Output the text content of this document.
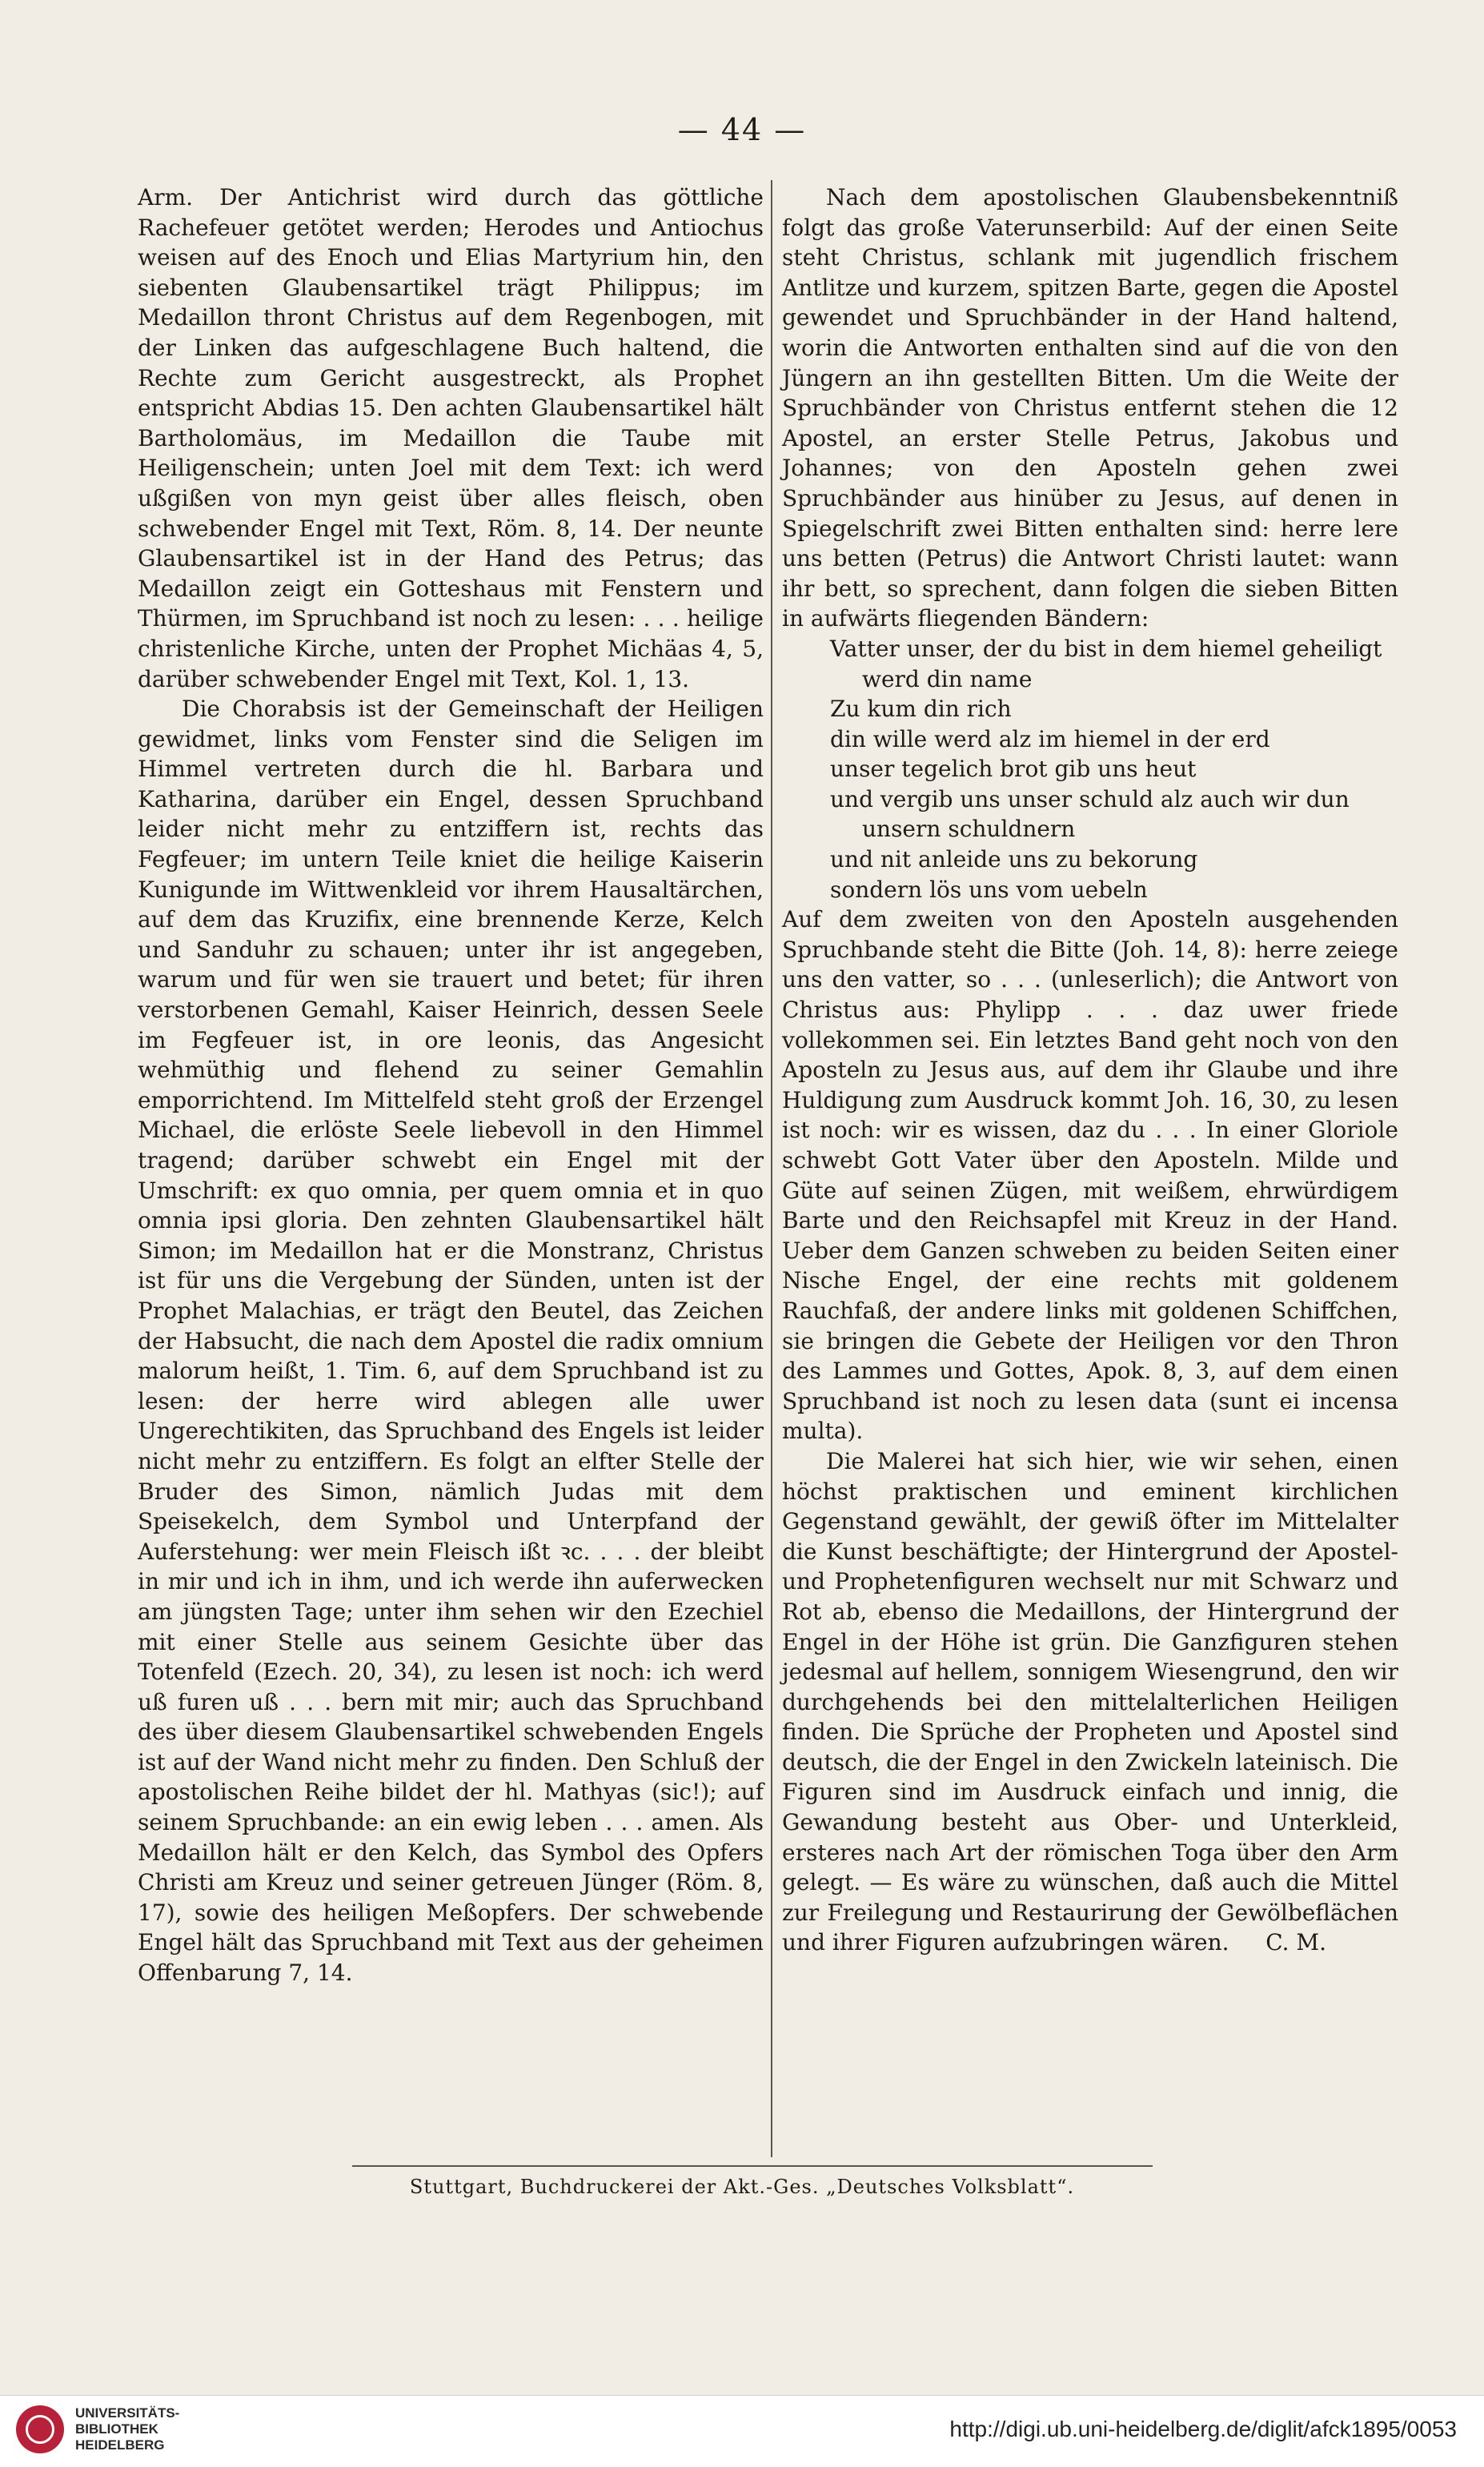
— 44 —

Arm. Der Antichrist wird durch das göttliche Rachefeuer getötet werden; Herodes und Antiochus weisen auf des Enoch und Elias Martyrium hin, den siebenten Glaubensartikel trägt Philippus; im Medaillon thront Christus auf dem Regenbogen, mit der Linken das aufgeschlagene Buch haltend, die Rechte zum Gericht ausgestreckt, als Prophet entspricht Abdias 15. Den achten Glaubensartikel hält Bartholomäus, im Medaillon die Taube mit Heiligenschein; unten Joel mit dem Text: ich werd ußgißen von myn geist über alles fleisch, oben schwebender Engel mit Text, Röm. 8, 14. Der neunte Glaubensartikel ist in der Hand des Petrus; das Medaillon zeigt ein Gotteshaus mit Fenstern und Thürmen, im Spruchband ist noch zu lesen: . . . heilige christenliche Kirche, unten der Prophet Michäas 4, 5, darüber schwebender Engel mit Text, Kol. 1, 13.

Die Chorabsis ist der Gemeinschaft der Heiligen gewidmet, links vom Fenster sind die Seligen im Himmel vertreten durch die hl. Barbara und Katharina, darüber ein Engel, dessen Spruchband leider nicht mehr zu entziffern ist, rechts das Fegfeuer; im untern Teile kniet die heilige Kaiserin Kunigunde im Wittwenkleid vor ihrem Hausaltärchen, auf dem das Kruzifix, eine brennende Kerze, Kelch und Sanduhr zu schauen; unter ihr ist angegeben, warum und für wen sie trauert und betet; für ihren verstorbenen Gemahl, Kaiser Heinrich, dessen Seele im Fegfeuer ist, in ore leonis, das Angesicht wehmüthig und flehend zu seiner Gemahlin emporrichtend. Im Mittelfeld steht groß der Erzengel Michael, die erlöste Seele liebevoll in den Himmel tragend; darüber schwebt ein Engel mit der Umschrift: ex quo omnia, per quem omnia et in quo omnia ipsi gloria. Den zehnten Glaubensartikel hält Simon; im Medaillon hat er die Monstranz, Christus ist für uns die Vergebung der Sünden, unten ist der Prophet Malachias, er trägt den Beutel, das Zeichen der Habsucht, die nach dem Apostel die radix omnium malorum heißt, 1. Tim. 6, auf dem Spruchband ist zu lesen: der herre wird ablegen alle uwer Ungerechtikiten, das Spruchband des Engels ist leider nicht mehr zu entziffern. Es folgt an elfter Stelle der Bruder des Simon, nämlich Judas mit dem Speisekelch, dem Symbol und Unterpfand der Auferstehung: wer mein Fleisch ißt ꝛc. . . . der bleibt in mir und ich in ihm, und ich werde ihn auferwecken am jüngsten Tage; unter ihm sehen wir den Ezechiel mit einer Stelle aus seinem Gesichte über das Totenfeld (Ezech. 20, 34), zu lesen ist noch: ich werd uß furen uß . . . bern mit mir; auch das Spruchband des über diesem Glaubensartikel schwebenden Engels ist auf der Wand nicht mehr zu finden. Den Schluß der apostolischen Reihe bildet der hl. Mathyas (sic!); auf seinem Spruchbande: an ein ewig leben . . . amen. Als Medaillon hält er den Kelch, das Symbol des Opfers Christi am Kreuz und seiner getreuen Jünger (Röm. 8, 17), sowie des heiligen Meßopfers. Der schwebende Engel hält das Spruchband mit Text aus der geheimen Offenbarung 7, 14.

Nach dem apostolischen Glaubensbekenntniß folgt das große Vaterunserbild: Auf der einen Seite steht Christus, schlank mit jugendlich frischem Antlitze und kurzem, spitzen Barte, gegen die Apostel gewendet und Spruchbänder in der Hand haltend, worin die Antworten enthalten sind auf die von den Jüngern an ihn gestellten Bitten. Um die Weite der Spruchbänder von Christus entfernt stehen die 12 Apostel, an erster Stelle Petrus, Jakobus und Johannes; von den Aposteln gehen zwei Spruchbänder aus hinüber zu Jesus, auf denen in Spiegelschrift zwei Bitten enthalten sind: herre lere uns betten (Petrus) die Antwort Christi lautet: wann ihr bett, so sprechent, dann folgen die sieben Bitten in aufwärts fliegenden Bändern:

Vatter unser, der du bist in dem hiemel geheiligt werd din name
Zu kum din rich
din wille werd alz im hiemel in der erd
unser tegelich brot gib uns heut
und vergib uns unser schuld alz auch wir dun unsern schuldnern
und nit anleide uns zu bekorung
sondern lös uns vom uebeln

Auf dem zweiten von den Aposteln ausgehenden Spruchbande steht die Bitte (Joh. 14, 8): herre zeiege uns den vatter, so . . . (unleserlich); die Antwort von Christus aus: Phylipp . . . daz uwer friede vollekommen sei. Ein letztes Band geht noch von den Aposteln zu Jesus aus, auf dem ihr Glaube und ihre Huldigung zum Ausdruck kommt Joh. 16, 30, zu lesen ist noch: wir es wissen, daz du . . . In einer Gloriole schwebt Gott Vater über den Aposteln. Milde und Güte auf seinen Zügen, mit weißem, ehrwürdigem Barte und den Reichsapfel mit Kreuz in der Hand. Ueber dem Ganzen schweben zu beiden Seiten einer Nische Engel, der eine rechts mit goldenem Rauchfaß, der andere links mit goldenen Schiffchen, sie bringen die Gebete der Heiligen vor den Thron des Lammes und Gottes, Apok. 8, 3, auf dem einen Spruchband ist noch zu lesen data (sunt ei incensa multa).

Die Malerei hat sich hier, wie wir sehen, einen höchst praktischen und eminent kirchlichen Gegenstand gewählt, der gewiß öfter im Mittelalter die Kunst beschäftigte; der Hintergrund der Apostel- und Prophetenfiguren wechselt nur mit Schwarz und Rot ab, ebenso die Medaillons, der Hintergrund der Engel in der Höhe ist grün. Die Ganzfiguren stehen jedesmal auf hellem, sonnigem Wiesengrund, den wir durchgehends bei den mittelalterlichen Heiligen finden. Die Sprüche der Propheten und Apostel sind deutsch, die der Engel in den Zwickeln lateinisch. Die Figuren sind im Ausdruck einfach und innig, die Gewandung besteht aus Ober- und Unterkleid, ersteres nach Art der römischen Toga über den Arm gelegt. — Es wäre zu wünschen, daß auch die Mittel zur Freilegung und Restaurirung der Gewölbeflächen und ihrer Figuren aufzubringen wären.	C. M.
Stuttgart, Buchdruckerei der Akt.-Ges. „Deutsches Volksblatt“.
UNIVERSITÄTS-
BIBLIOTHEK
HEIDELBERG
http://digi.ub.uni-heidelberg.de/diglit/afck1895/0053
